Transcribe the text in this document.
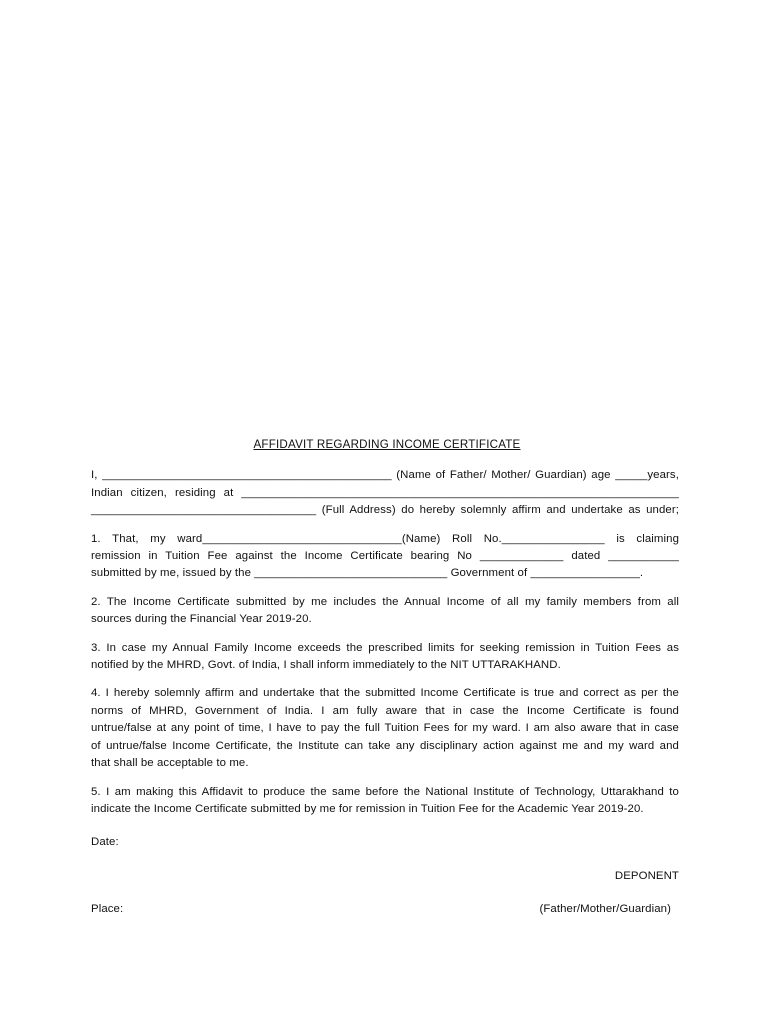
AFFIDAVIT REGARDING INCOME CERTIFICATE
I, _____________________________________________ (Name of Father/ Mother/ Guardian) age _____years,
Indian citizen, residing at ____________________________________________________________________
___________________________________ (Full Address) do hereby solemnly affirm and undertake as under;
1. That, my ward_______________________________(Name) Roll No.________________ is claiming
remission in Tuition Fee against the Income Certificate bearing No _____________ dated ___________
submitted by me, issued by the ______________________________ Government of _________________.
2. The Income Certificate submitted by me includes the Annual Income of all my family members from all
sources during the Financial Year 2019-20.
3. In case my Annual Family Income exceeds the prescribed limits for seeking remission in Tuition Fees as
notified by the MHRD, Govt. of India, I shall inform immediately to the NIT UTTARAKHAND.
4. I hereby solemnly affirm and undertake that the submitted Income Certificate is true and correct as per the
norms of MHRD, Government of India. I am fully aware that in case the Income Certificate is found
untrue/false at any point of time, I have to pay the full Tuition Fees for my ward. I am also aware that in case
of untrue/false Income Certificate, the Institute can take any disciplinary action against me and my ward and
that shall be acceptable to me.
5. I am making this Affidavit to produce the same before the National Institute of Technology, Uttarakhand to
indicate the Income Certificate submitted by me for remission in Tuition Fee for the Academic Year 2019-20.
Date:
DEPONENT
Place:	(Father/Mother/Guardian)
